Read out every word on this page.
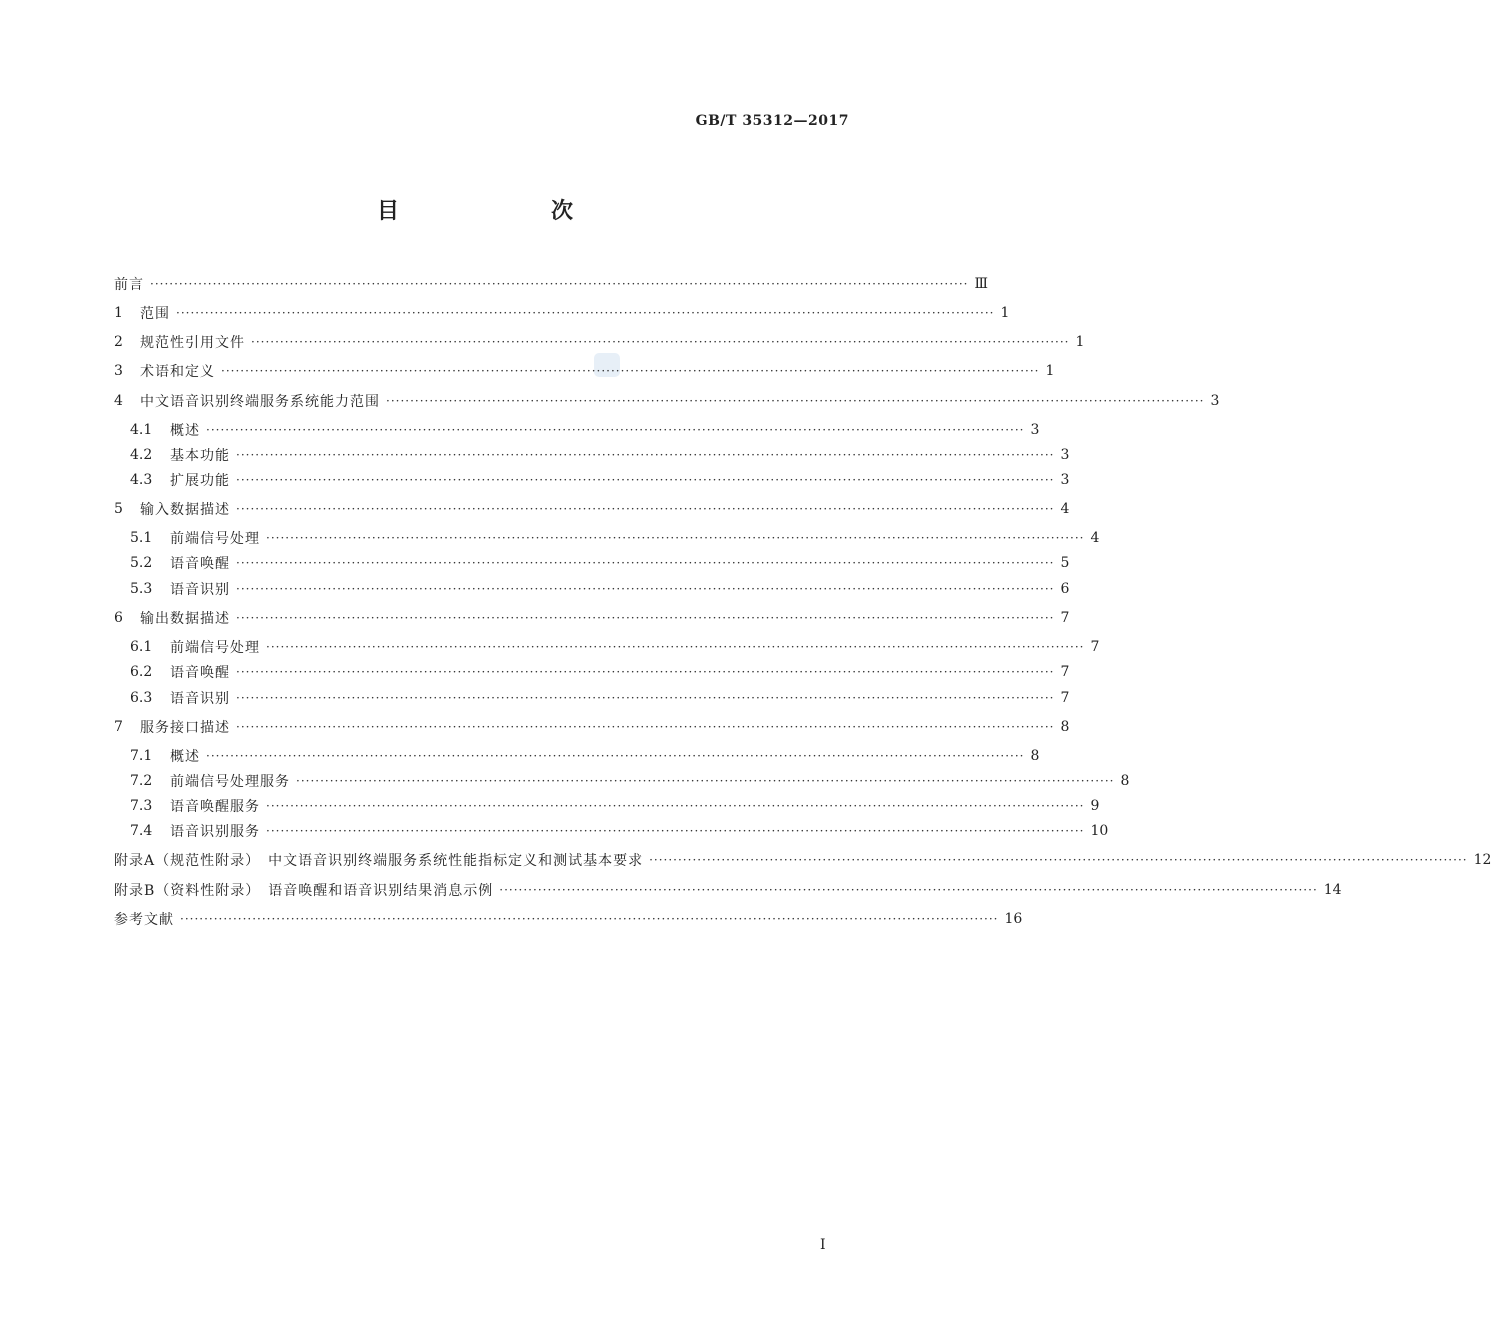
GB/T 35312—2017
目　　次
前言 ·········································································································································································· Ⅲ
1	范围 ·········································································································································································· 1
2	规范性引用文件 ·········································································································································································· 1
3	术语和定义 ·········································································································································································· 1
4	中文语音识别终端服务系统能力范围 ·········································································································································································· 3
4.1	概述 ·········································································································································································· 3
4.2	基本功能 ·········································································································································································· 3
4.3	扩展功能 ·········································································································································································· 3
5	输入数据描述 ·········································································································································································· 4
5.1	前端信号处理 ·········································································································································································· 4
5.2	语音唤醒 ·········································································································································································· 5
5.3	语音识别 ·········································································································································································· 6
6	输出数据描述 ·········································································································································································· 7
6.1	前端信号处理 ·········································································································································································· 7
6.2	语音唤醒 ·········································································································································································· 7
6.3	语音识别 ·········································································································································································· 7
7	服务接口描述 ·········································································································································································· 8
7.1	概述 ·········································································································································································· 8
7.2	前端信号处理服务 ·········································································································································································· 8
7.3	语音唤醒服务 ·········································································································································································· 9
7.4	语音识别服务 ·········································································································································································· 10
附录A（规范性附录）　中文语音识别终端服务系统性能指标定义和测试基本要求 ·········································································································································································· 12
附录B（资料性附录）　语音唤醒和语音识别结果消息示例 ·········································································································································································· 14
参考文献 ·········································································································································································· 16
Ⅰ
